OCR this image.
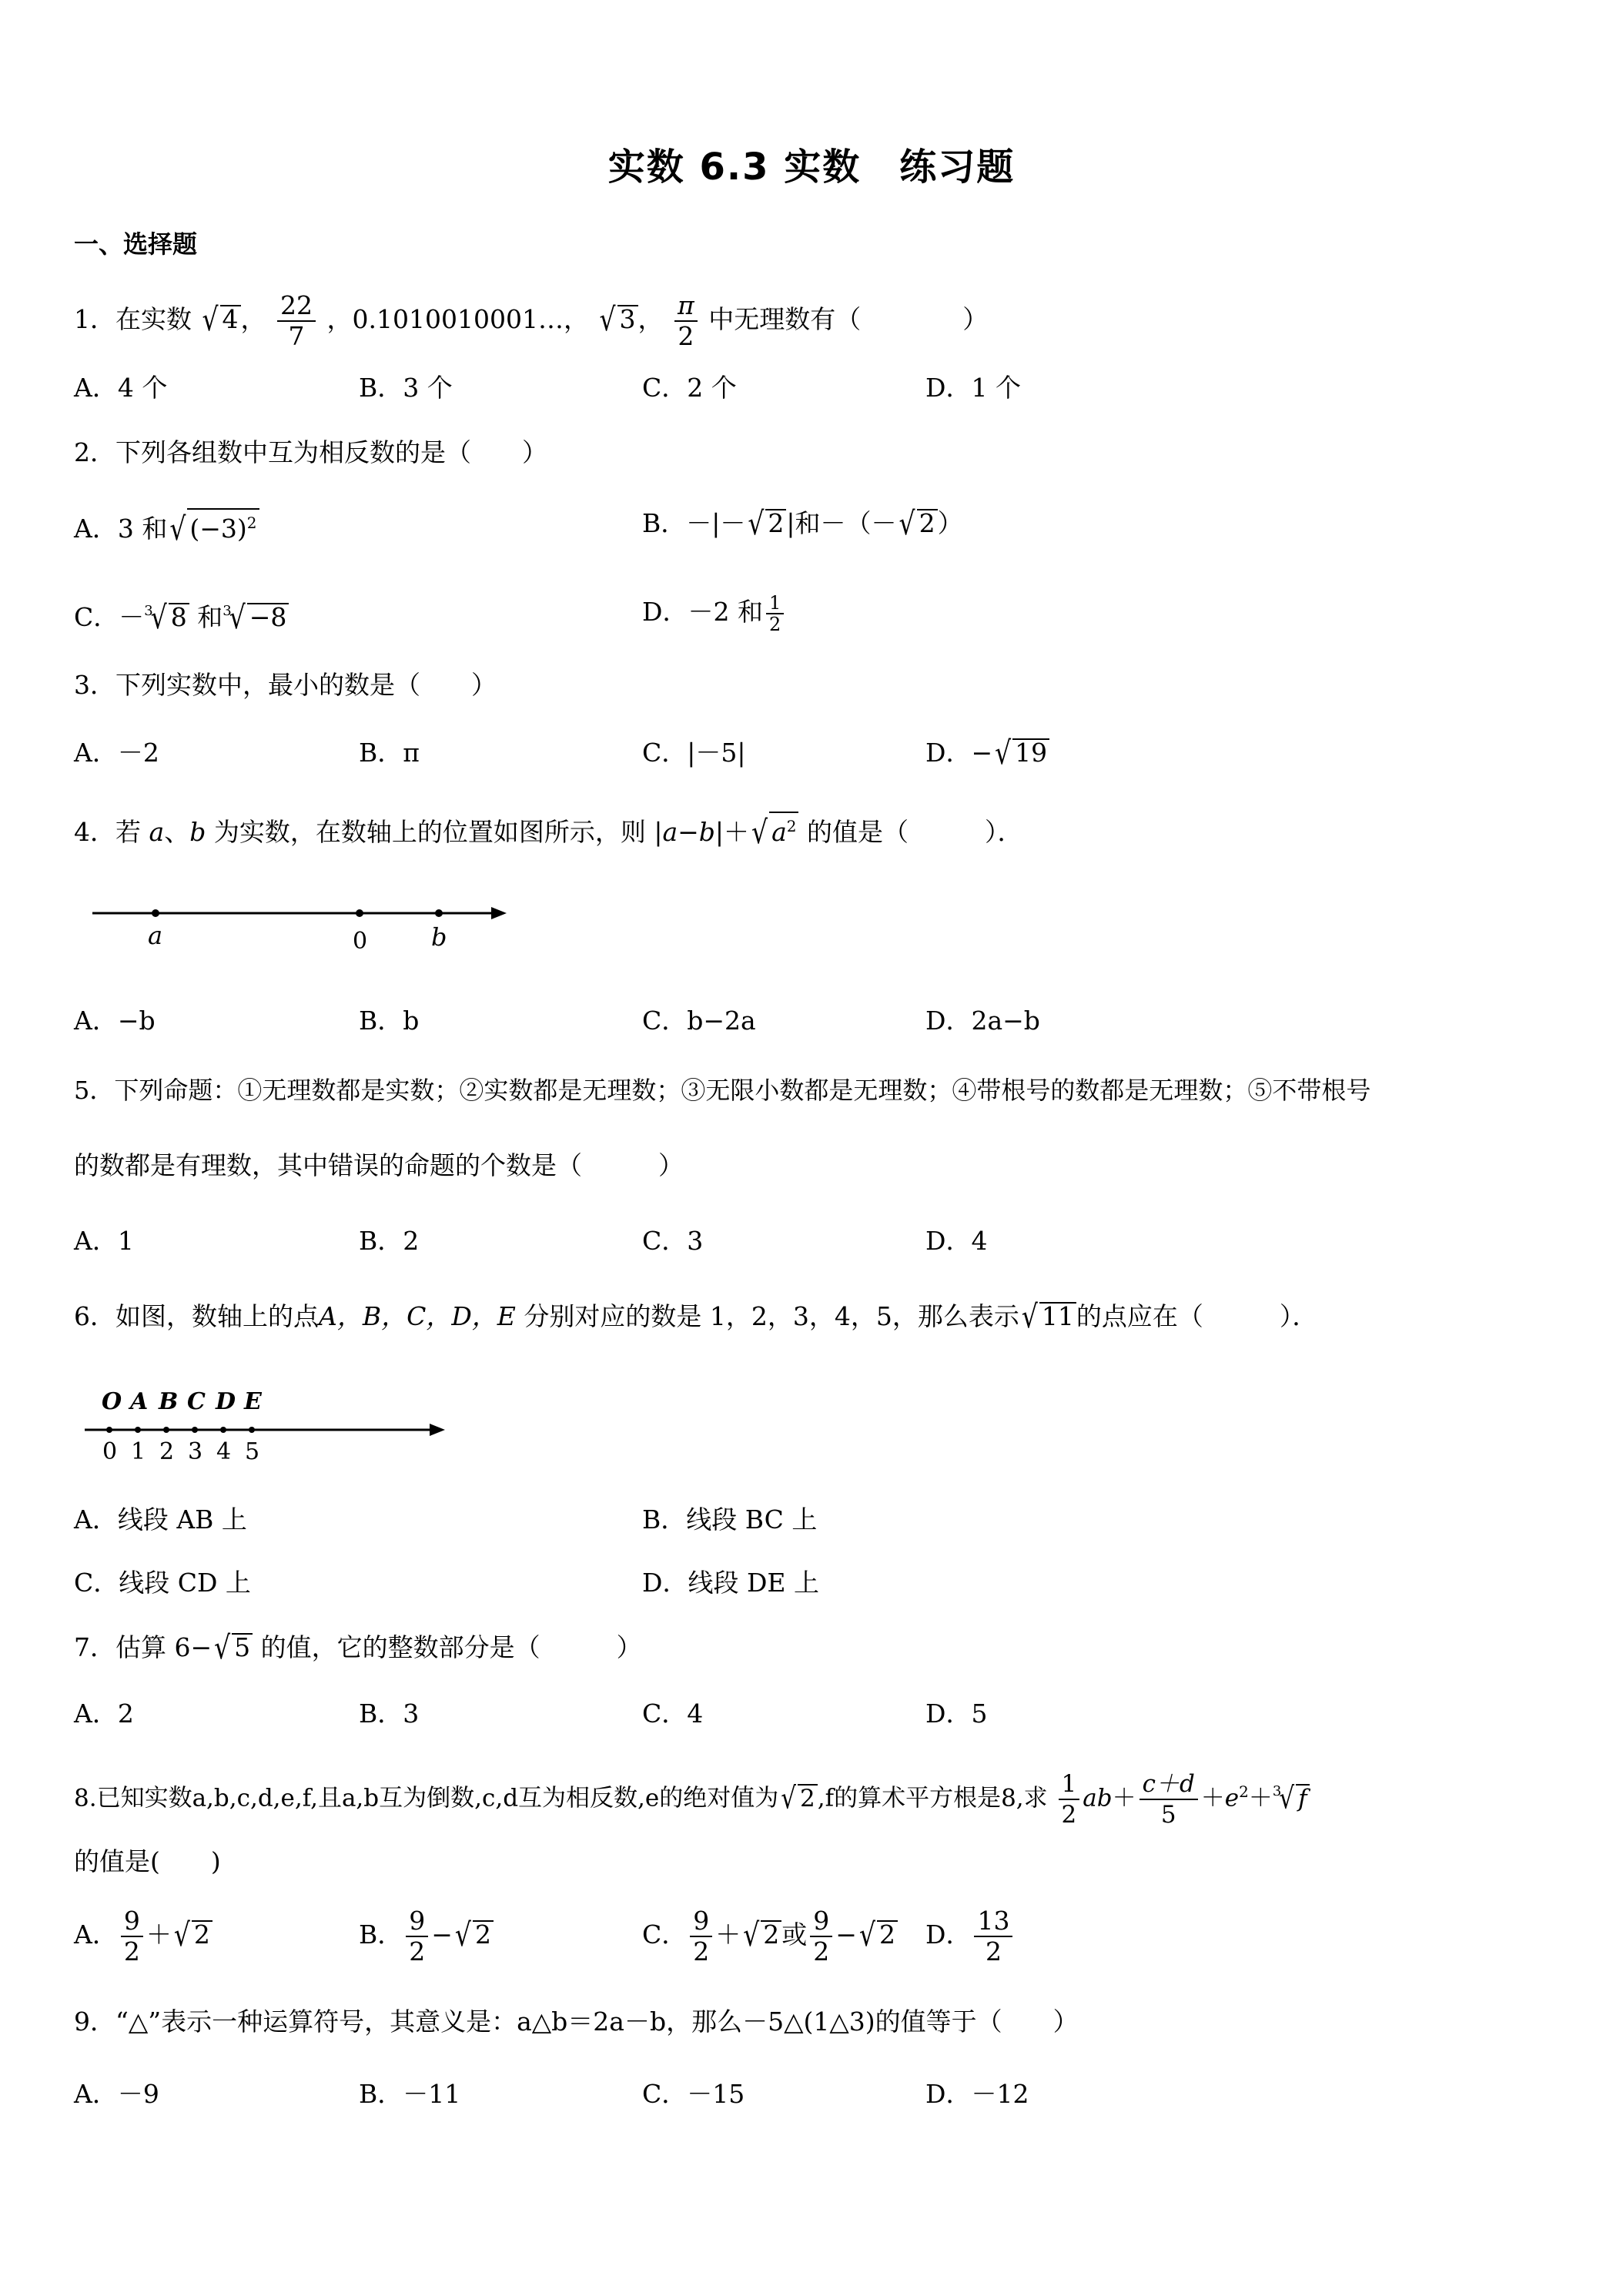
实数 6.3 实数　练习题
一、选择题
1．在实数 √ 4， $\frac{22}{7}$ ，0.1010010001…， √ 3， $\frac{\pi}{2}$ 中无理数有（　　　　）
A．4 个	B．3 个	C．2 个	D．1 个
2．下列各组数中互为相反数的是（　　）
A．3 和√ $(-3)^2$	B．－|－√ 2|和－（－√ 2）
C．－$^3$√ 8 和$^3$√ −8	D．－2 和 $\frac{1}{2}$
3．下列实数中，最小的数是（　　）
A．－2	B．π	C．|－5|	D．−√ 19
4．若 a、b 为实数，在数轴上的位置如图所示，则 |a−b|＋√ $a^2$ 的值是（　　　）．
a	0	b
A．−b	B．b	C．b−2a	D．2a−b
5．下列命题：①无理数都是实数；②实数都是无理数；③无限小数都是无理数；④带根号的数都是无理数；⑤不带根号
的数都是有理数，其中错误的命题的个数是（　　　）
A．1	B．2	C．3	D．4
6．如图，数轴上的点A，B，C，D，E 分别对应的数是 1，2，3，4，5，那么表示√ 11的点应在（　　　）．
O
0
A
1
B
2
C
3
D
4
E
5
A．线段 AB 上	B．线段 BC 上
C．线段 CD 上	D．线段 DE 上
7．估算 6−√ 5 的值，它的整数部分是（　　　）
A．2	B．3	C．4	D．5
8.已知实数a,b,c,d,e,f,且a,b互为倒数,c,d互为相反数,e的绝对值为√ 2,f的算术平方根是8,求 $\frac{1}{2} ab+ \frac{c+d}{5} +e^2+^3√$ f
的值是(　　)
A． $\frac{9}{2}$ ＋√ 2	B． $\frac{9}{2}$ −√ 2	C． $\frac{9}{2}$ ＋√ 2或 $\frac{9}{2}$ −√ 2 D． $\frac{13}{2}$
9．“△”表示一种运算符号，其意义是：a△b＝2a－b，那么－5△(1△3)的值等于（　　）
A．－9	B．－11	C．－15	D．－12
